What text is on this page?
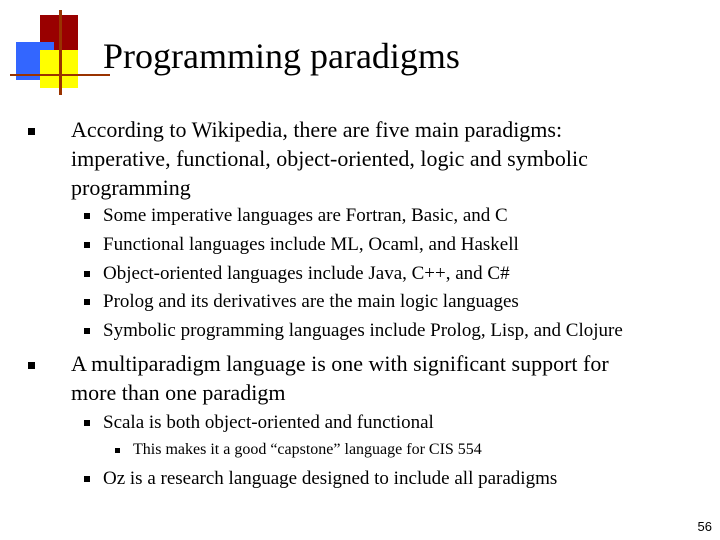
Programming paradigms
According to Wikipedia, there are five main paradigms:
imperative, functional, object-oriented, logic and symbolic
programming
Some imperative languages are Fortran, Basic, and C
Functional languages include ML, Ocaml, and Haskell
Object-oriented languages include Java, C++, and C#
Prolog and its derivatives are the main logic languages
Symbolic programming languages include Prolog, Lisp, and Clojure
A multiparadigm language is one with significant support for
more than one paradigm
Scala is both object-oriented and functional
This makes it a good “capstone” language for CIS 554
Oz is a research language designed to include all paradigms
56
